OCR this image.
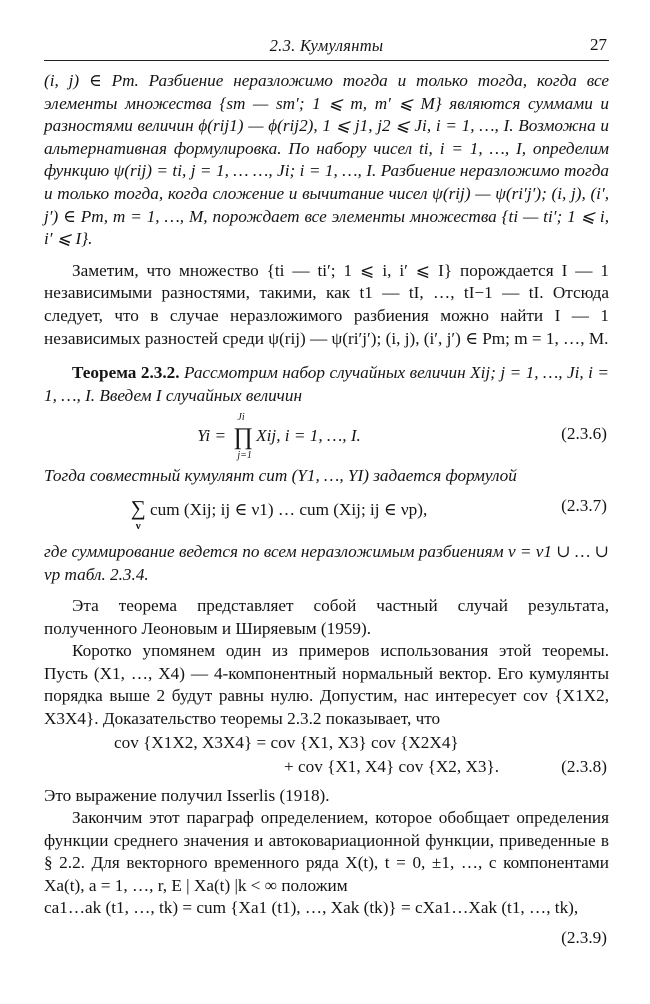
2.3. Кумулянты	27

(i, j) ∈ Pm. Разбиение неразложимо тогда и только тогда, когда все элементы множества {sm — sm′; 1 ⩽ m, m′ ⩽ M} являются суммами и разностями величин ϕ(rij1) — ϕ(rij2), 1 ⩽ j1, j2 ⩽ Ji, i = 1, …, I. Возможна и альтернативная формулировка. По набору чисел ti, i = 1, …, I, определим функцию ψ(rij) = ti, j = 1, … …, Ji; i = 1, …, I. Разбиение неразложимо тогда и только тогда, когда сложение и вычитание чисел ψ(rij) — ψ(ri′j′); (i, j), (i′, j′) ∈ Pm, m = 1, …, M, порождает все элементы множества {ti — ti′; 1 ⩽ i, i′ ⩽ I}.

Заметим, что множество {ti — ti′; 1 ⩽ i, i′ ⩽ I} порождается I — 1 независимыми разностями, такими, как t1 — tI, …, tI−1 — tI. Отсюда следует, что в случае неразложимого разбиения можно найти I — 1 независимых разностей среди ψ(rij) — ψ(ri′j′); (i, j), (i′, j′) ∈ Pm; m = 1, …, M.

Теорема 2.3.2. Рассмотрим набор случайных величин Xij; j = 1, …, Ji, i = 1, …, I. Введем I случайных величин

Yi = ∏
Ji
j=1
Xij, i = 1, …, I.	(2.3.6)

Тогда совместный кумулянт cum (Y1, …, YI) задается формулой

∑
ν
cum (Xij; ij ∈ ν1) … cum (Xij; ij ∈ νp),	(2.3.7)

где суммирование ведется по всем неразложимым разбиениям ν = ν1 ∪ … ∪ νp табл. 2.3.4.

Эта теорема представляет собой частный случай результата, полученного Леоновым и Ширяевым (1959).

Коротко упомянем один из примеров использования этой теоремы. Пусть (X1, …, X4) — 4-компонентный нормальный вектор. Его кумулянты порядка выше 2 будут равны нулю. Допустим, нас интересует cov {X1X2, X3X4}. Доказательство теоремы 2.3.2 показывает, что

cov {X1X2, X3X4} = cov {X1, X3} cov {X2X4}
+ cov {X1, X4} cov {X2, X3}.	(2.3.8)

Это выражение получил Isserlis (1918).

Закончим этот параграф определением, которое обобщает определения функции среднего значения и автоковариационной функции, приведенные в § 2.2. Для векторного временного ряда X(t), t = 0, ±1, …, с компонентами Xa(t), a = 1, …, r, E | Xa(t) |k < ∞ положим

ca1…ak (t1, …, tk) = cum {Xa1 (t1), …, Xak (tk)} = cXa1…Xak (t1, …, tk),
(2.3.9)
